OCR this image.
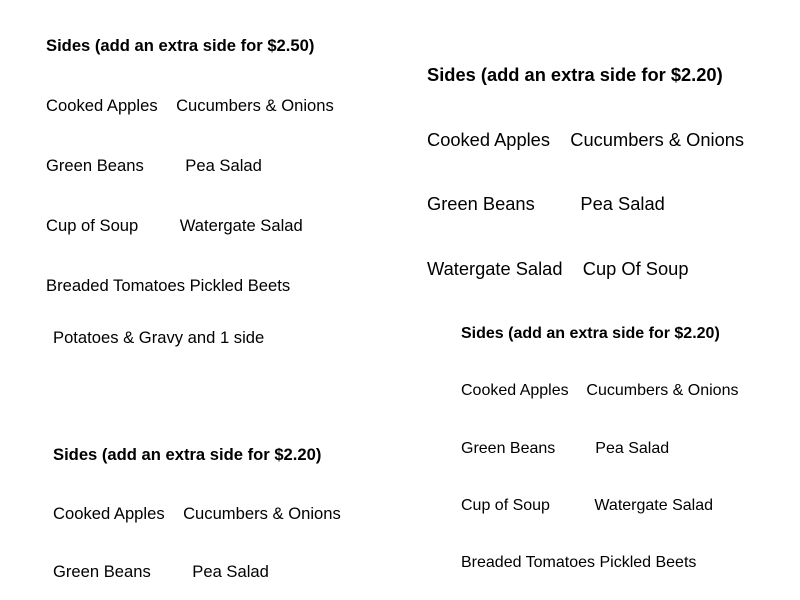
Sides (add an extra side for $2.50)

Cooked Apples    Cucumbers & Onions

Green Beans         Pea Salad

Cup of Soup         Watergate Salad

Breaded Tomatoes Pickled Beets

Sides (add an extra side for $2.20)

Cooked Apples    Cucumbers & Onions

Green Beans         Pea Salad

Watergate Salad    Cup Of Soup

Potatoes & Gravy and 1 side

Sides (add an extra side for $2.20)

Cooked Apples    Cucumbers & Onions

Green Beans         Pea Salad

Sides (add an extra side for $2.20)

Cooked Apples    Cucumbers & Onions

Green Beans         Pea Salad

Cup of Soup          Watergate Salad

Breaded Tomatoes Pickled Beets
